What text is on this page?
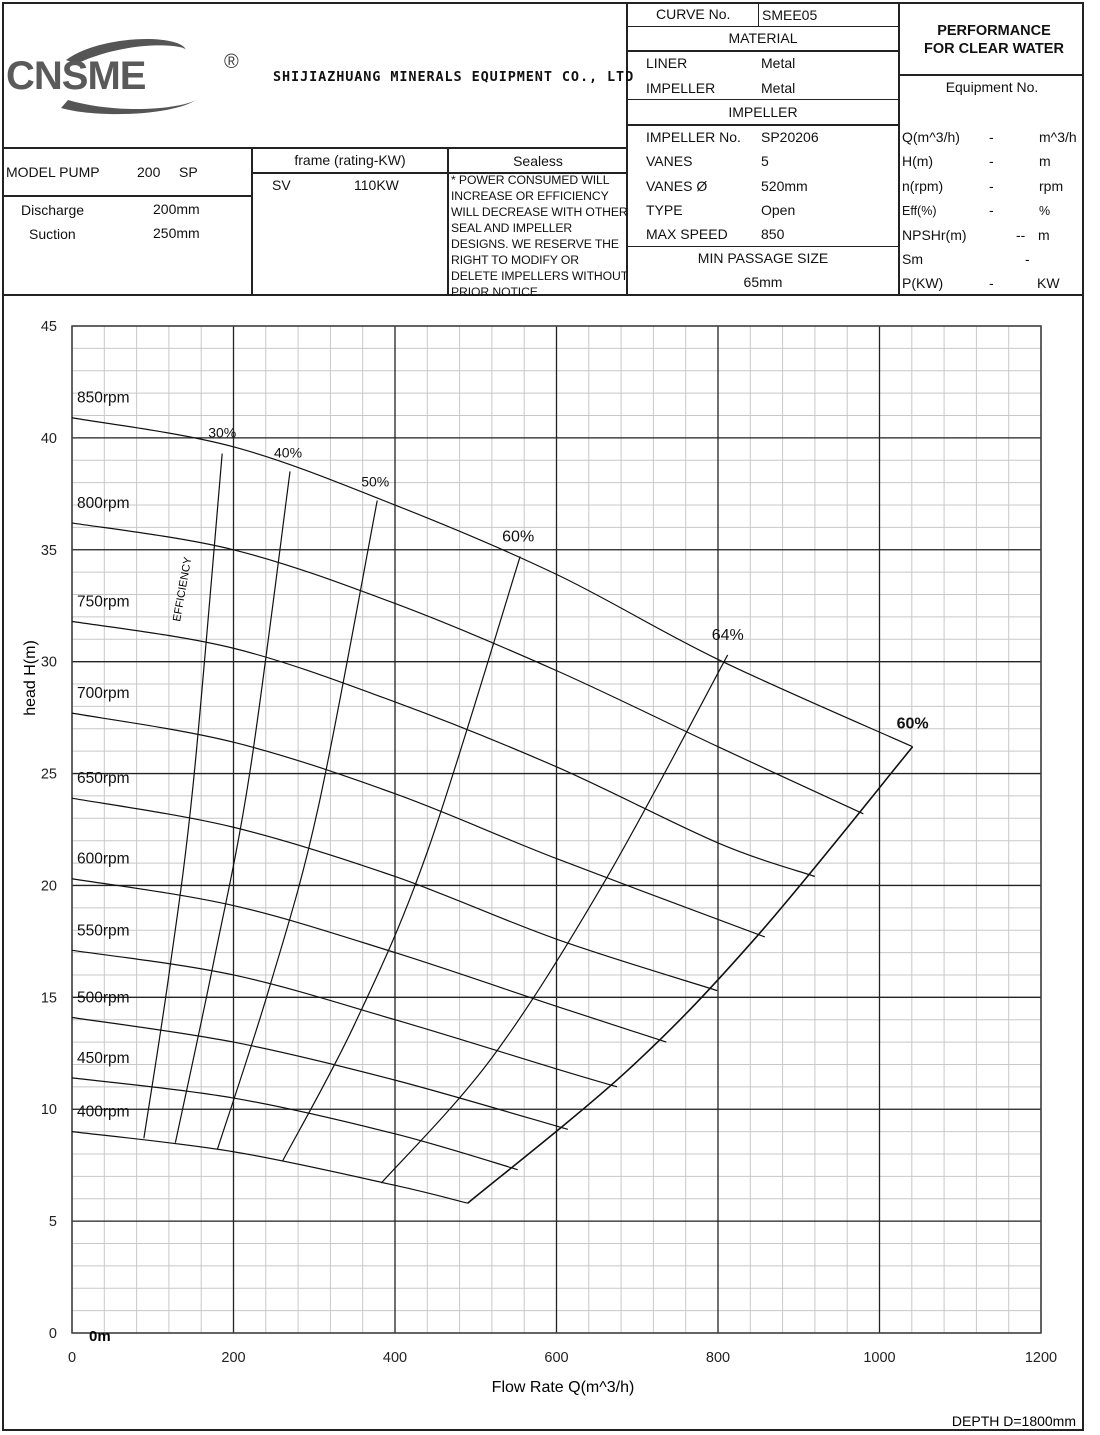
CNSME	®
SHIJIAZHUANG MINERALS EQUIPMENT CO., LTD
CURVE No. SMEE05
MATERIAL
LINER	Metal
IMPELLER	Metal
IMPELLER
IMPELLER No. SP20206
VANES	5
VANES Ø	520mm
TYPE	Open
MAX SPEED 850
MIN PASSAGE SIZE
65mm
PERFORMANCE
FOR CLEAR WATER
Equipment No.
Q(m^3/h) -	m^3/h
H(m)	-	m
n(rpm)	-	rpm
Eff(%)	-	%
NPSHr(m)	-- m
Sm	-
P(KW)	-	KW
MODEL PUMP	200 SP
Discharge	200mm
Suction	250mm
frame (rating-KW)
SV	110KW
Sealess
* POWER CONSUMED WILL
INCREASE OR EFFICIENCY
WILL DECREASE WITH OTHER
SEAL AND IMPELLER
DESIGNS. WE RESERVE THE
RIGHT TO MODIFY OR
DELETE IMPELLERS WITHOUT
PRIOR NOTICE.
0	200	400	600	800	1000	1200
0
5
10
15
20
25
30
35
40
45
850rpm
800rpm
750rpm
700rpm
650rpm
600rpm
550rpm
500rpm
450rpm
400rpm
30%
40%
50%
60%
64%
60%
Flow Rate Q(m^3/h)
head H(m)
0m
EFFICIENCY
DEPTH D=1800mm
